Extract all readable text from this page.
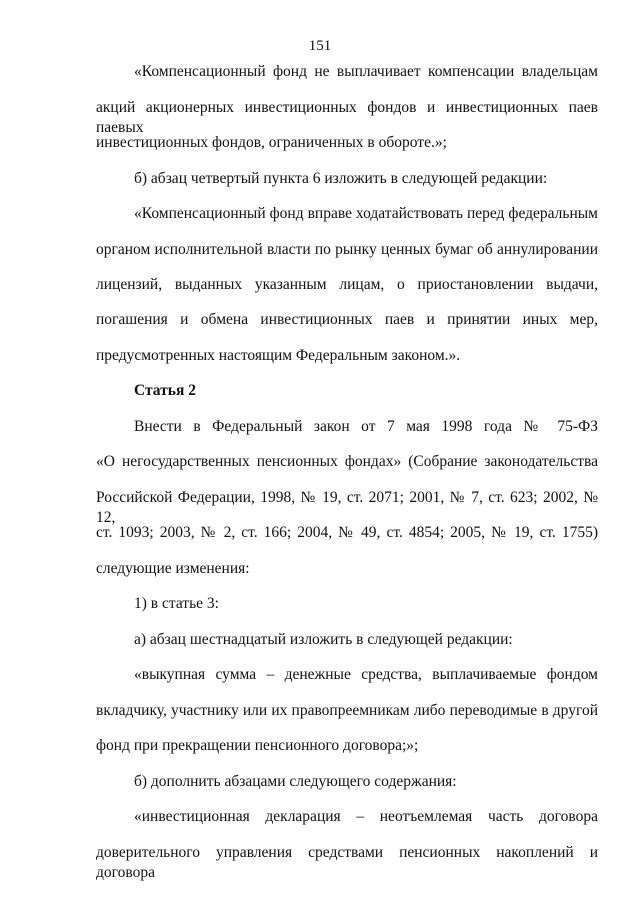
151
«Компенсационный фонд не выплачивает компенсации владельцам
акций акционерных инвестиционных фондов и инвестиционных паев паевых
инвестиционных фондов, ограниченных в обороте.»;
б) абзац четвертый пункта 6 изложить в следующей редакции:
«Компенсационный фонд вправе ходатайствовать перед федеральным
органом исполнительной власти по рынку ценных бумаг об аннулировании
лицензий, выданных указанным лицам, о приостановлении выдачи,
погашения и обмена инвестиционных паев и принятии иных мер,
предусмотренных настоящим Федеральным законом.».
Статья 2
Внести в Федеральный закон от 7 мая 1998 года № 75-ФЗ
«О негосударственных пенсионных фондах» (Собрание законодательства
Российской Федерации, 1998, № 19, ст. 2071; 2001, № 7, ст. 623; 2002, № 12,
ст. 1093; 2003, № 2, ст. 166; 2004, № 49, ст. 4854; 2005, № 19, ст. 1755)
следующие изменения:
1) в статье 3:
а) абзац шестнадцатый изложить в следующей редакции:
«выкупная сумма – денежные средства, выплачиваемые фондом
вкладчику, участнику или их правопреемникам либо переводимые в другой
фонд при прекращении пенсионного договора;»;
б) дополнить абзацами следующего содержания:
«инвестиционная декларация – неотъемлемая часть договора
доверительного управления средствами пенсионных накоплений и договора
